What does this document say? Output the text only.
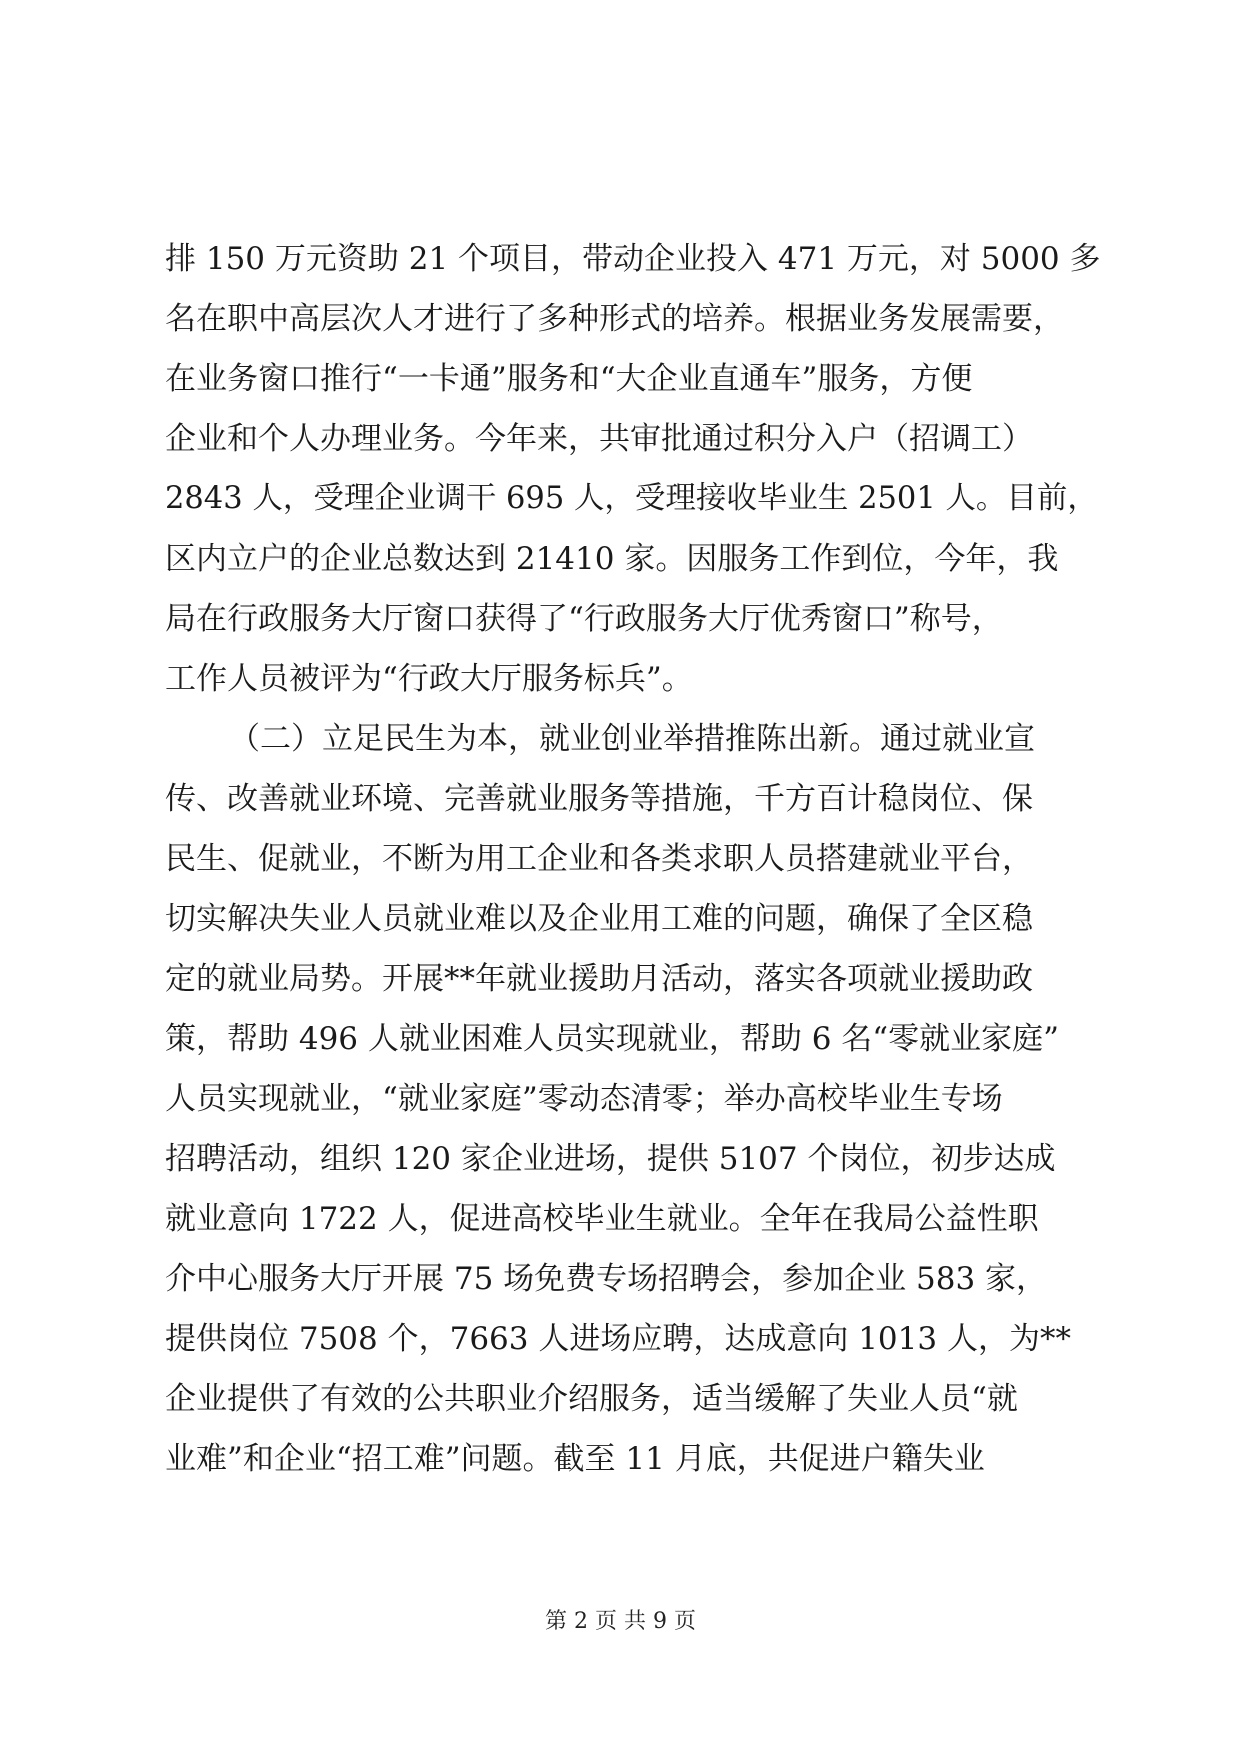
排 150 万元资助 21 个项目，带动企业投入 471 万元，对 5000 多
名在职中高层次人才进行了多种形式的培养。根据业务发展需要，
在业务窗口推行“一卡通”服务和“大企业直通车”服务，方便
企业和个人办理业务。今年来，共审批通过积分入户（招调工）
2843 人，受理企业调干 695 人，受理接收毕业生 2501 人。目前，
区内立户的企业总数达到 21410 家。因服务工作到位，今年，我
局在行政服务大厅窗口获得了“行政服务大厅优秀窗口”称号，
工作人员被评为“行政大厅服务标兵”。
（二）立足民生为本，就业创业举措推陈出新。通过就业宣
传、改善就业环境、完善就业服务等措施，千方百计稳岗位、保
民生、促就业，不断为用工企业和各类求职人员搭建就业平台，
切实解决失业人员就业难以及企业用工难的问题，确保了全区稳
定的就业局势。开展**年就业援助月活动，落实各项就业援助政
策，帮助 496 人就业困难人员实现就业，帮助 6 名“零就业家庭”
人员实现就业，“就业家庭”零动态清零；举办高校毕业生专场
招聘活动，组织 120 家企业进场，提供 5107 个岗位，初步达成
就业意向 1722 人，促进高校毕业生就业。全年在我局公益性职
介中心服务大厅开展 75 场免费专场招聘会，参加企业 583 家，
提供岗位 7508 个，7663 人进场应聘，达成意向 1013 人，为**
企业提供了有效的公共职业介绍服务，适当缓解了失业人员“就
业难”和企业“招工难”问题。截至 11 月底，共促进户籍失业
第 2 页 共 9 页
